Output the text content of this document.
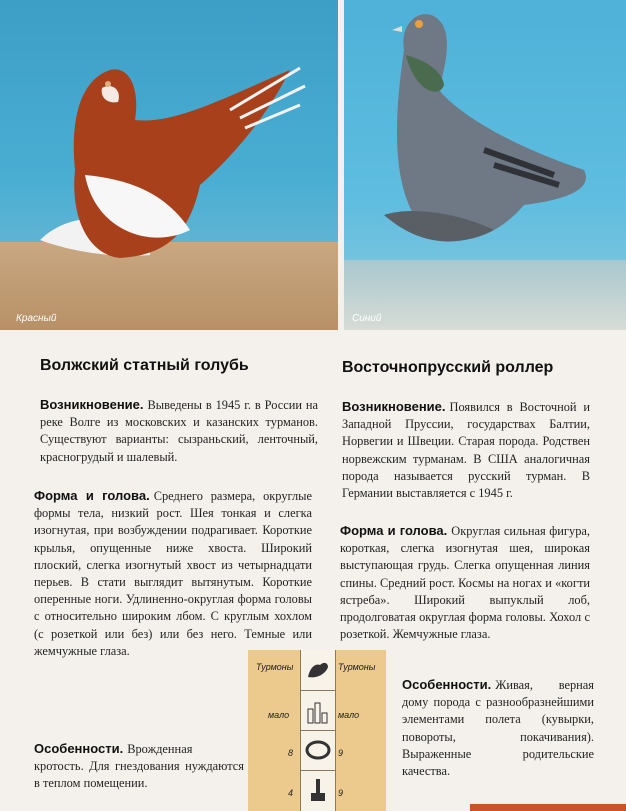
Красный	Синий
Волжский статный голубь

Возникновение. Выведены в 1945 г. в России на реке Волге из московских и казанских турманов. Существуют варианты: сызраньский, ленточный, красногрудый и шалевый.

Форма и голова. Среднего размера, округлые формы тела, низкий рост. Шея тонкая и слегка изогнутая, при возбуждении подрагивает. Короткие крылья, опущенные ниже хвоста. Широкий плоский, слегка изогнутый хвост из четырнадцати перьев. В стати выглядит вытянутым. Короткие оперенные ноги. Удлиненно-округлая форма головы с относительно широким лбом. С круглым хохлом (с розеткой или без) или без него. Темные или жемчужные глаза.

Особенности. Врожденная кротость. Для гнездования нуждаются в теплом помещении.

Восточнопрусский роллер

Возникновение. Появился в Восточной и Западной Пруссии, государствах Балтии, Норвегии и Швеции. Старая порода. Родствен норвежским турманам. В США аналогичная порода называется русский турман. В Германии выставляется с 1945 г.

Форма и голова. Округлая сильная фигура, короткая, слегка изогнутая шея, широкая выступающая грудь. Слегка опущенная линия спины. Средний рост. Космы на ногах и «когти ястреба». Широкий выпуклый лоб, продолговатая округлая форма головы. Хохол с розеткой. Жемчужные глаза.

Особенности. Живая, верная дому порода с разнообразнейшими элементами полета (кувырки, повороты, покачивания). Выраженные родительские качества.

Турмоны	Турмоны
мало	мало
8	9
4	9
